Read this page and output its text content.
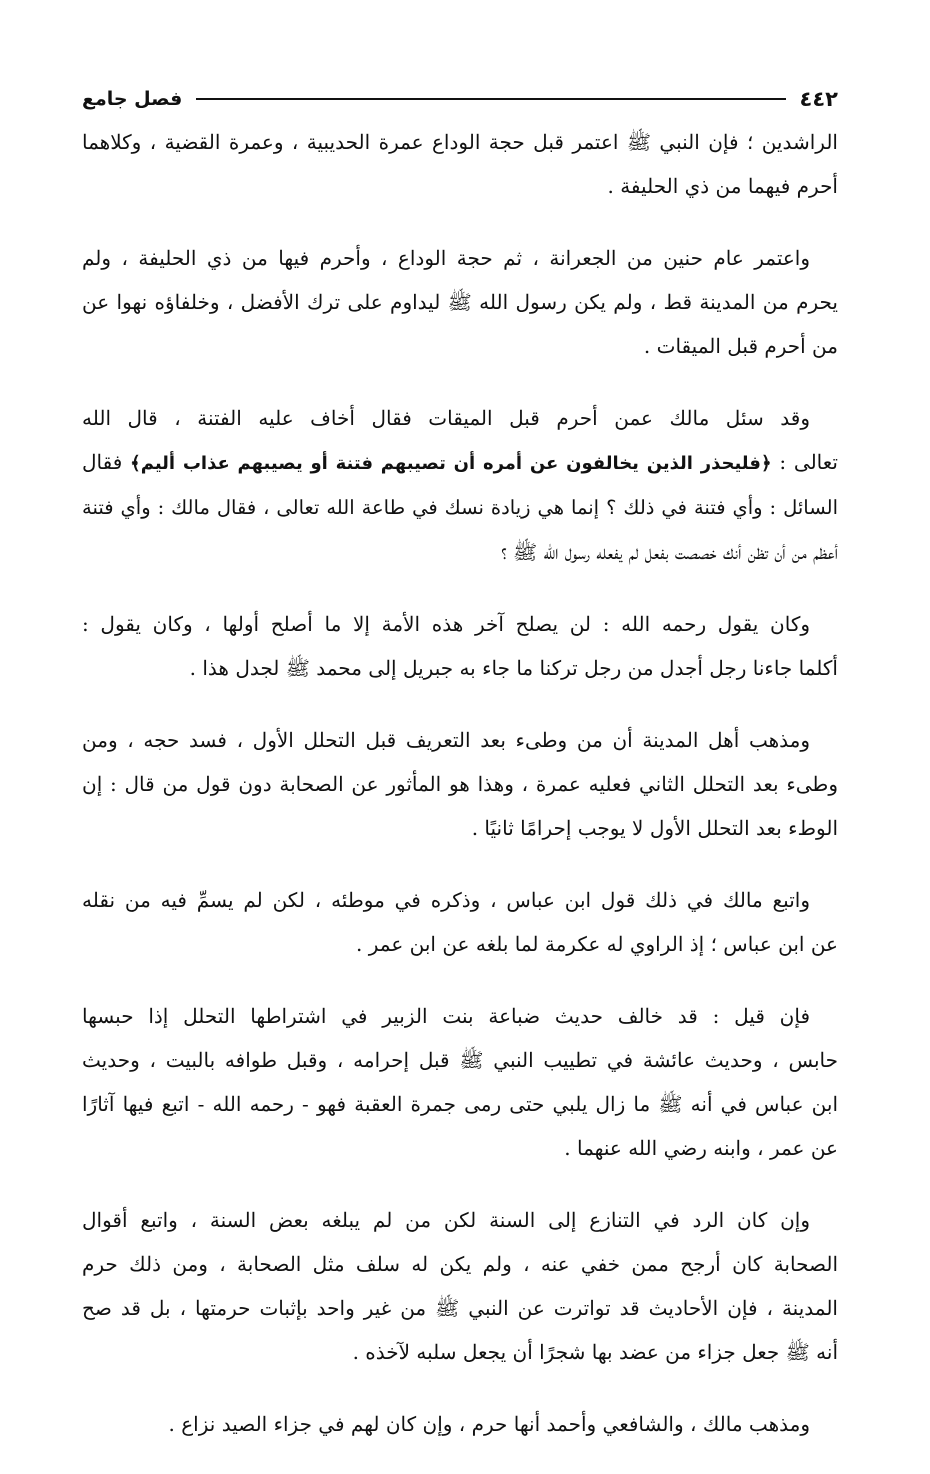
٤٤٢
فصل جامع
الراشدين ؛ فإن النبي ﷺ اعتمر قبل حجة الوداع عمرة الحديبية ، وعمرة القضية ، وكلاهما
أحرم فيهما من ذي الحليفة .
واعتمر عام حنين من الجعرانة ، ثم حجة الوداع ، وأحرم فيها من ذي الحليفة ، ولم
يحرم من المدينة قط ، ولم يكن رسول الله ﷺ ليداوم على ترك الأفضل ، وخلفاؤه نهوا عن
من أحرم قبل الميقات .
وقد سئل مالك عمن أحرم قبل الميقات فقال أخاف عليه الفتنة ، قال الله
تعالى : ﴿فليحذر الذين يخالفون عن أمره أن تصيبهم فتنة أو يصيبهم عذاب أليم﴾ فقال
السائل : وأي فتنة في ذلك ؟ إنما هي زيادة نسك في طاعة الله تعالى ، فقال مالك : وأي فتنة
أعظم من أن تظن أنك خصصت بفعل لم يفعله رسول الله ﷺ ؟
وكان يقول رحمه الله : لن يصلح آخر هذه الأمة إلا ما أصلح أولها ، وكان يقول :
أكلما جاءنا رجل أجدل من رجل تركنا ما جاء به جبريل إلى محمد ﷺ لجدل هذا .
ومذهب أهل المدينة أن من وطىء بعد التعريف قبل التحلل الأول ، فسد حجه ، ومن
وطىء بعد التحلل الثاني فعليه عمرة ، وهذا هو المأثور عن الصحابة دون قول من قال : إن
الوطء بعد التحلل الأول لا يوجب إحرامًا ثانيًا .
واتبع مالك في ذلك قول ابن عباس ، وذكره في موطئه ، لكن لم يسمِّ فيه من نقله
عن ابن عباس ؛ إذ الراوي له عكرمة لما بلغه عن ابن عمر .
فإن قيل : قد خالف حديث ضباعة بنت الزبير في اشتراطها التحلل إذا حبسها
حابس ، وحديث عائشة في تطييب النبي ﷺ قبل إحرامه ، وقبل طوافه بالبيت ، وحديث
ابن عباس في أنه ﷺ ما زال يلبي حتى رمى جمرة العقبة فهو - رحمه الله - اتبع فيها آثارًا
عن عمر ، وابنه رضي الله عنهما .
وإن كان الرد في التنازع إلى السنة لكن من لم يبلغه بعض السنة ، واتبع أقوال
الصحابة كان أرجح ممن خفي عنه ، ولم يكن له سلف مثل الصحابة ، ومن ذلك حرم
المدينة ، فإن الأحاديث قد تواترت عن النبي ﷺ من غير واحد بإثبات حرمتها ، بل قد صح
أنه ﷺ جعل جزاء من عضد بها شجرًا أن يجعل سلبه لآخذه .
ومذهب مالك ، والشافعي وأحمد أنها حرم ، وإن كان لهم في جزاء الصيد نزاع .
